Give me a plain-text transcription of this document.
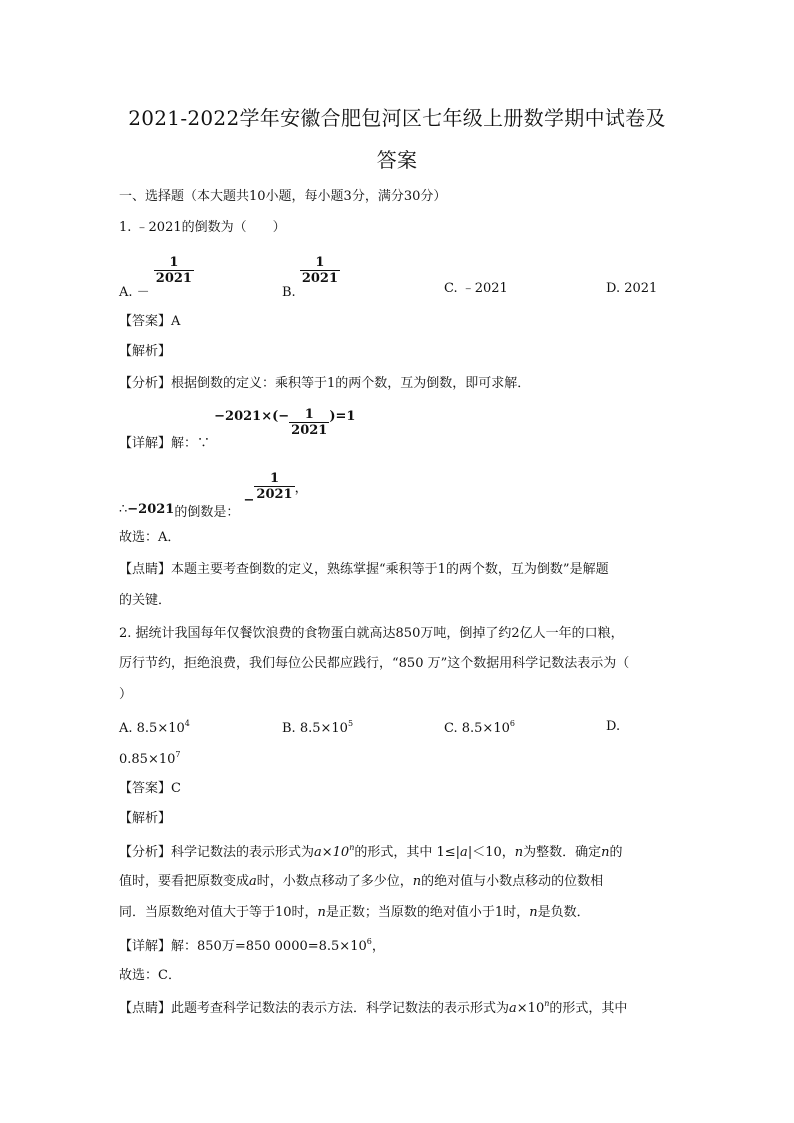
2021-2022学年安徽合肥包河区七年级上册数学期中试卷及
答案
一、选择题（本大题共10小题，每小题3分，满分30分）
1. ﹣2021的倒数为（　　）
A. －
$\frac{1}{2021}$
B.
$\frac{1}{2021}$
C. ﹣2021	D. 2021
【答案】A
【解析】
【分析】根据倒数的定义：乘积等于1的两个数，互为倒数，即可求解．
【详解】解：∵ $-2021\times(- \frac{1}{2021} )=1$
∴−2021的倒数是： − $\frac{1}{2021}$ ，
故选：A．
【点睛】本题主要考查倒数的定义，熟练掌握“乘积等于1的两个数，互为倒数”是解题
的关键．
2. 据统计我国每年仅餐饮浪费的食物蛋白就高达850万吨，倒掉了约2亿人一年的口粮，
厉行节约，拒绝浪费，我们每位公民都应践行，“850 万”这个数据用科学记数法表示为（
）
A. $8.5\times 10^4$	B. $8.5\times 10^5$	C. $8.5\times 10^6$	D.
$0.85\times 10^7$
【答案】C
【解析】
【分析】科学记数法的表示形式为$a\times 10^n$的形式，其中 1≤|a|＜10，n为整数．确定n的
值时，要看把原数变成a时，小数点移动了多少位，n的绝对值与小数点移动的位数相
同．当原数绝对值大于等于10时，n是正数；当原数的绝对值小于1时，n是负数．
【详解】解：850万=850 $0000=8.5\times 10^6$，
故选：C．
【点睛】此题考查科学记数法的表示方法．科学记数法的表示形式为$a\times 10^n$的形式，其中
